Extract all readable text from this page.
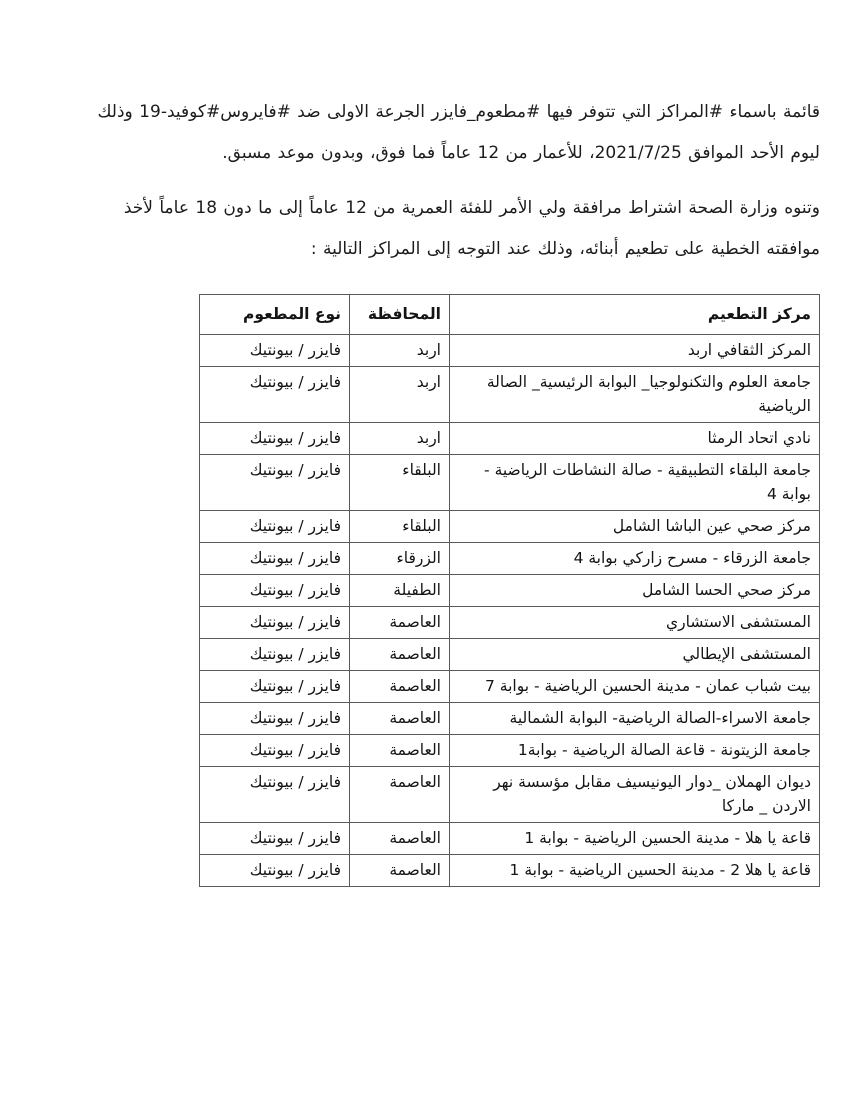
قائمة باسماء #المراكز التي تتوفر فيها #مطعوم_فايزر الجرعة الاولى ضد #فايروس#كوفيد-19 وذلك ليوم الأحد الموافق 2021/7/25، للأعمار من 12 عاماً فما فوق، وبدون موعد مسبق.

وتنوه وزارة الصحة اشتراط مرافقة ولي الأمر للفئة العمرية من 12 عاماً إلى ما دون 18 عاماً لأخذ موافقته الخطية على تطعيم أبنائه، وذلك عند التوجه إلى المراكز التالية :

مركز التطعيم	المحافظة	نوع المطعوم
المركز الثقافي اربد	اربد	فايزر / بيونتيك
جامعة العلوم والتكنولوجيا_ البوابة الرئيسية_ الصالة الرياضية	اربد	فايزر / بيونتيك
نادي اتحاد الرمثا	اربد	فايزر / بيونتيك
جامعة البلقاء التطبيقية - صالة النشاطات الرياضية - بوابة 4	البلقاء	فايزر / بيونتيك
مركز صحي عين الباشا الشامل	البلقاء	فايزر / بيونتيك
جامعة الزرقاء - مسرح زاركي بوابة 4	الزرقاء	فايزر / بيونتيك
مركز صحي الحسا الشامل	الطفيلة	فايزر / بيونتيك
المستشفى الاستشاري	العاصمة	فايزر / بيونتيك
المستشفى الإيطالي	العاصمة	فايزر / بيونتيك
بيت شباب عمان - مدينة الحسين الرياضية - بوابة 7	العاصمة	فايزر / بيونتيك
جامعة الاسراء-الصالة الرياضية- البوابة الشمالية	العاصمة	فايزر / بيونتيك
جامعة الزيتونة - قاعة الصالة الرياضية - بوابة1	العاصمة	فايزر / بيونتيك
ديوان الهملان _دوار اليونيسيف مقابل مؤسسة نهر الاردن _ ماركا	العاصمة	فايزر / بيونتيك
قاعة يا هلا - مدينة الحسين الرياضية - بوابة 1	العاصمة	فايزر / بيونتيك
قاعة يا هلا 2 - مدينة الحسين الرياضية - بوابة 1	العاصمة	فايزر / بيونتيك
